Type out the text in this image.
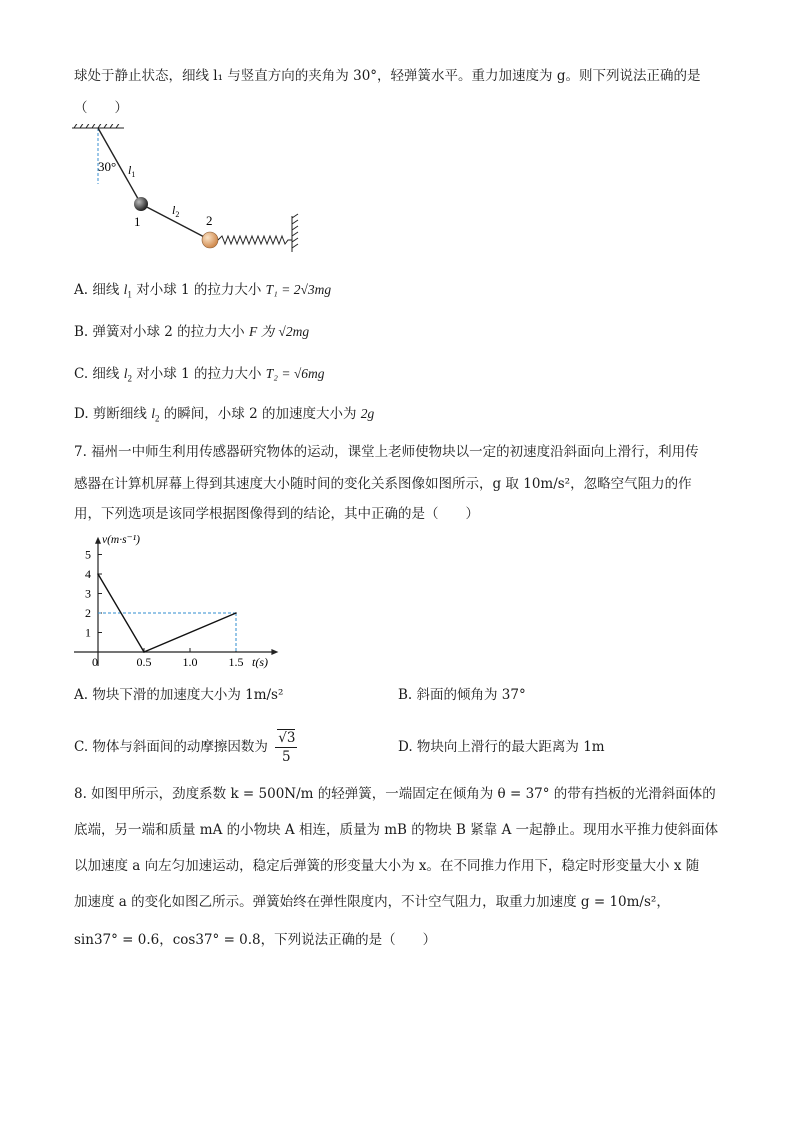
球处于静止状态，细线 l₁ 与竖直方向的夹角为 30°，轻弹簧水平。重力加速度为 g。则下列说法正确的是
（　　）
30° $l_1$
1
$l_2$ 2
A. 细线 $l_1$ 对小球 1 的拉力大小 T₁ = 2√3mg
B. 弹簧对小球 2 的拉力大小 F 为 √2mg
C. 细线 $l_2$ 对小球 1 的拉力大小 T₂ = √6mg
D. 剪断细线 $l_2$ 的瞬间，小球 2 的加速度大小为 2g
7. 福州一中师生利用传感器研究物体的运动，课堂上老师使物块以一定的初速度沿斜面向上滑行，利用传
感器在计算机屏幕上得到其速度大小随时间的变化关系图像如图所示，g 取 10m/s²，忽略空气阻力的作
用，下列选项是该同学根据图像得到的结论，其中正确的是（　　）
1
2
3
4
5
0.5	1.0	1.5
0
v(m·s⁻¹)
t(s)
A. 物块下滑的加速度大小为 1m/s²	B. 斜面的倾角为 37°
C. 物体与斜面间的动摩擦因数为 $\frac{√3}{5}$	D. 物块向上滑行的最大距离为 1m
8. 如图甲所示，劲度系数 k = 500N/m 的轻弹簧，一端固定在倾角为 θ = 37° 的带有挡板的光滑斜面体的
底端，另一端和质量 mA 的小物块 A 相连，质量为 mB 的物块 B 紧靠 A 一起静止。现用水平推力使斜面体
以加速度 a 向左匀加速运动，稳定后弹簧的形变量大小为 x。在不同推力作用下，稳定时形变量大小 x 随
加速度 a 的变化如图乙所示。弹簧始终在弹性限度内，不计空气阻力，取重力加速度 g = 10m/s²，
sin37° = 0.6，cos37° = 0.8，下列说法正确的是（　　）
